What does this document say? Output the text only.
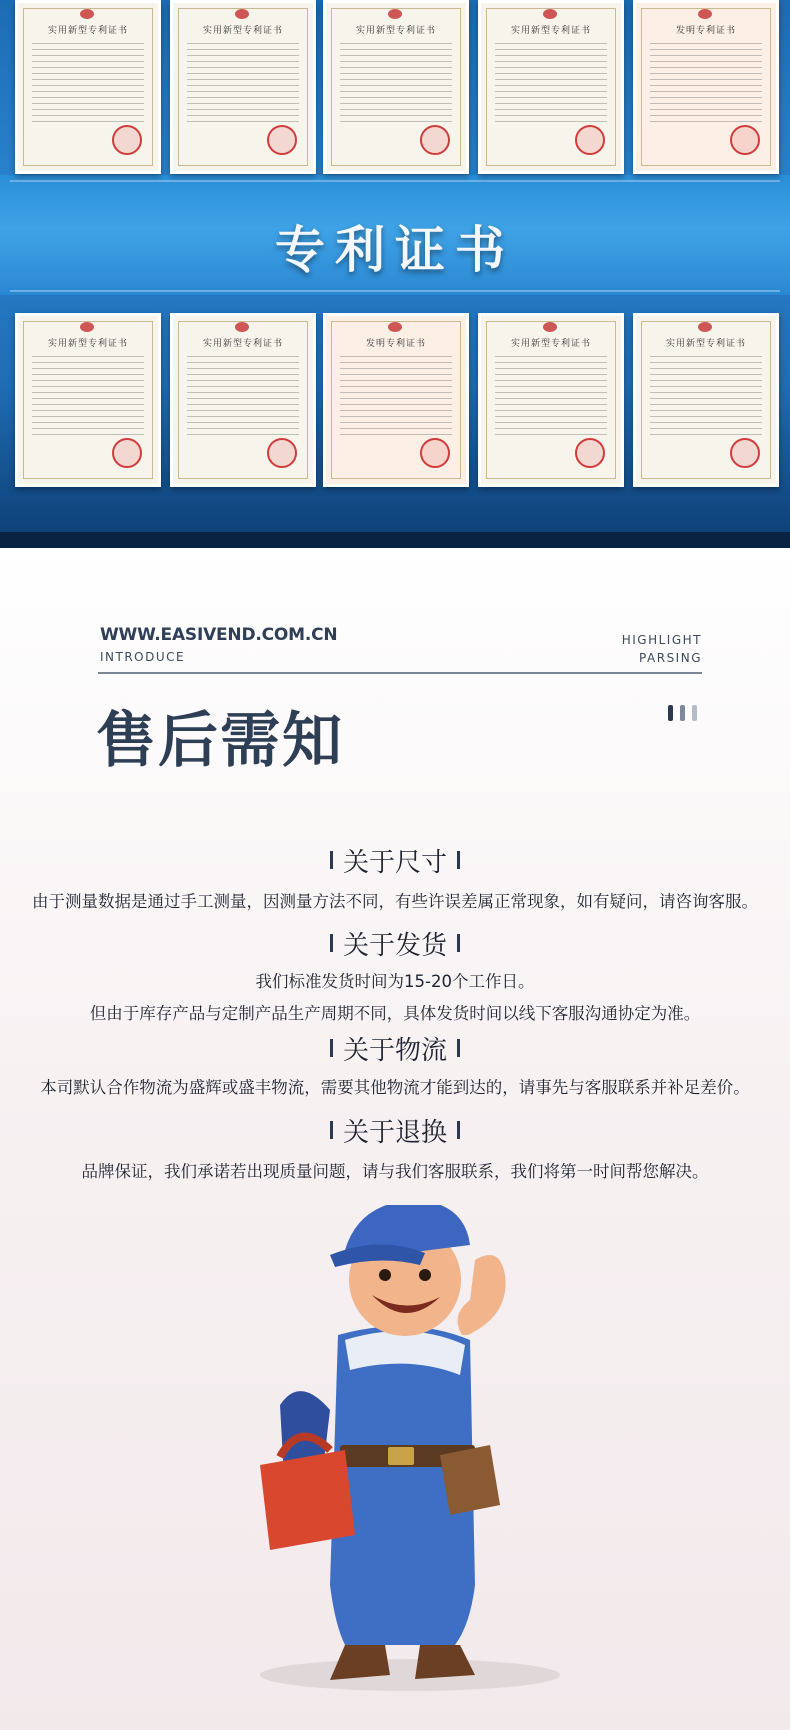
专利证书
实用新型专利证书	实用新型专利证书	实用新型专利证书	实用新型专利证书	发明专利证书
实用新型专利证书	实用新型专利证书	发明专利证书	实用新型专利证书	实用新型专利证书
WWW.EASIVEND.COM.CN
INTRODUCE
HIGHLIGHT
PARSING
售后需知
关于尺寸
由于测量数据是通过手工测量，因测量方法不同，有些许误差属正常现象，如有疑问，请咨询客服。
关于发货
我们标准发货时间为15-20个工作日。
但由于库存产品与定制产品生产周期不同，具体发货时间以线下客服沟通协定为准。
关于物流
本司默认合作物流为盛辉或盛丰物流，需要其他物流才能到达的，请事先与客服联系并补足差价。
关于退换
品牌保证，我们承诺若出现质量问题，请与我们客服联系，我们将第一时间帮您解决。
